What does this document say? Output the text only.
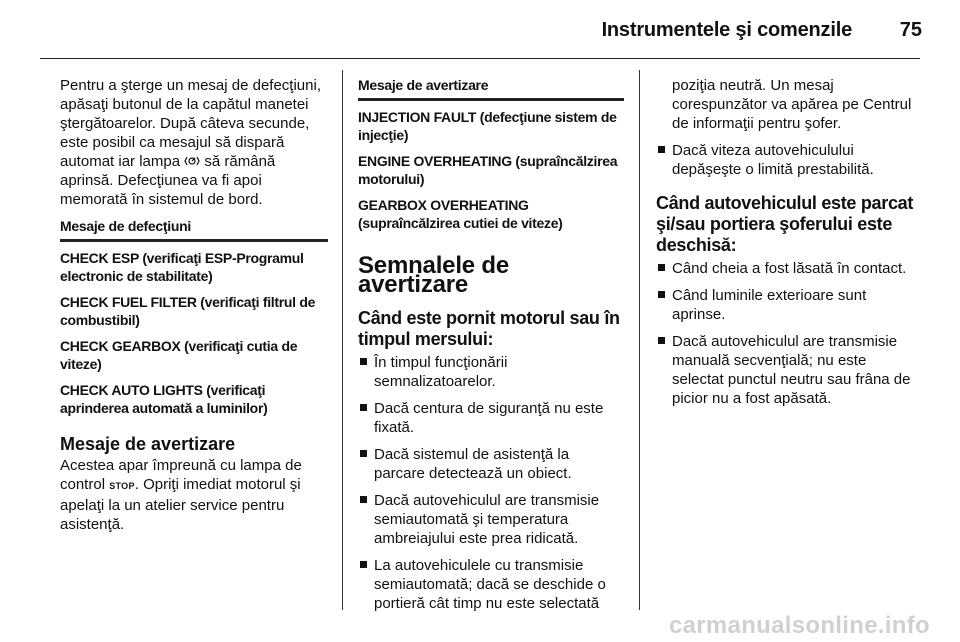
Instrumentele şi comenzile 75

Pentru a şterge un mesaj de defecţiuni, apăsaţi butonul de la capătul manetei ştergătoarelor. După câteva secunde, este posibil ca mesajul să dispară automat iar lampa să rămână aprinsă. Defecţiunea va fi apoi memorată în sistemul de bord.

Mesaje de defecţiuni
CHECK ESP (verificaţi ESP-Programul electronic de stabilitate)
CHECK FUEL FILTER (verificaţi filtrul de combustibil)
CHECK GEARBOX (verificaţi cutia de viteze)
CHECK AUTO LIGHTS (verificaţi aprinderea automată a luminilor)
Mesaje de avertizare

Acestea apar împreună cu lampa de control STOP. Opriţi imediat motorul şi apelaţi la un atelier service pentru asistenţă.

Mesaje de avertizare
INJECTION FAULT (defecţiune sistem de injecţie)
ENGINE OVERHEATING (supraîncălzirea motorului)
GEARBOX OVERHEATING (supraîncălzirea cutiei de viteze)
Semnalele de avertizare
Când este pornit motorul sau în timpul mersului:
În timpul funcţionării semnalizatoarelor.
Dacă centura de siguranţă nu este fixată.
Dacă sistemul de asistenţă la parcare detectează un obiect.
Dacă autovehiculul are transmisie semiautomată şi temperatura ambreiajului este prea ridicată.
La autovehiculele cu transmisie semiautomată; dacă se deschide o portieră cât timp nu este selectată

poziţia neutră. Un mesaj corespunzător va apărea pe Centrul de informaţii pentru şofer.

Dacă viteza autovehiculului depăşeşte o limită prestabilită.
Când autovehiculul este parcat şi/sau portiera şoferului este deschisă:
Când cheia a fost lăsată în contact.
Când luminile exterioare sunt aprinse.
Dacă autovehiculul are transmisie manuală secvenţială; nu este selectat punctul neutru sau frâna de picior nu a fost apăsată.
carmanualsonline.info
